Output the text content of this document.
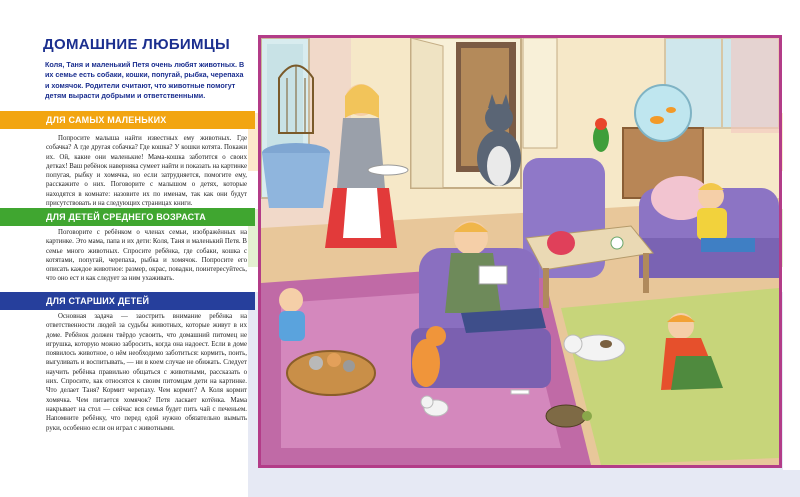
ДОМАШНИЕ ЛЮБИМЦЫ
Коля, Таня и маленький Петя очень любят животных. В их семье есть собаки, кошки, попугай, рыбка, черепаха и хомячок. Родители считают, что животные помогут детям вырасти добрыми и ответственными.
ДЛЯ САМЫХ МАЛЕНЬКИХ

Попросите малыша найти известных ему животных. Где собачка? А где другая собачка? Где кошка? У кошки котята. Покажи их. Ой, какие они маленькие! Мама-кошка заботится о своих детках! Ваш ребёнок наверняка сумеет найти и показать на картинке попугая, рыбку и хомячка, но если затрудняется, помогите ему, расскажите о них. Поговорите с малышом о детях, которые находятся в комнате: назовите их по именам, так как они будут присутствовать и на следующих страницах книги.

ДЛЯ ДЕТЕЙ СРЕДНЕГО ВОЗРАСТА

Поговорите с ребёнком о членах семьи, изображённых на картинке. Это мама, папа и их дети: Коля, Таня и маленький Петя. В семье много животных. Спросите ребёнка, где собаки, кошка с котятами, попугай, черепаха, рыбка и хомячок. Попросите его описать каждое животное: размер, окрас, повадки, поинтересуйтесь, что оно ест и как следует за ним ухаживать.

ДЛЯ СТАРШИХ ДЕТЕЙ

Основная задача — заострить внимание ребёнка на ответственности людей за судьбы животных, которые живут в их доме. Ребёнок должен твёрдо усвоить, что домашний питомец не игрушка, которую можно забросить, когда она надоест. Если в доме появилось животное, о нём необходимо заботиться: кормить, поить, выгуливать и воспитывать, — ни в коем случае не обижать. Следует научить ребёнка правильно общаться с животными, рассказать о них. Спросите, как относятся к своим питомцам дети на картинке. Что делает Таня? Кормит черепаху. Чем кормит? А Коля кормит хомячка. Чем питается хомячок? Петя ласкает котёнка. Мама накрывает на стол — сейчас вся семья будет пить чай с печеньем. Напомните ребёнку, что перед едой нужно обязательно вымыть руки, особенно если он играл с животными.
